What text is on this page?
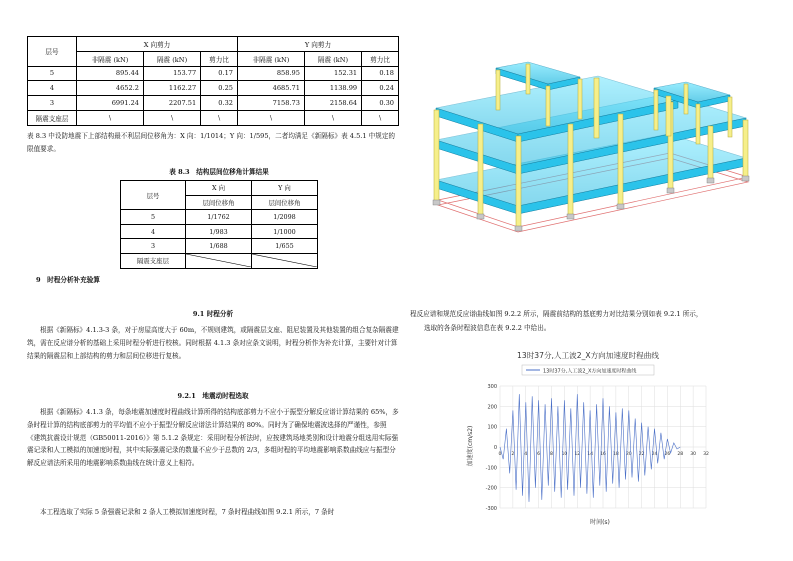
层号	X 向剪力			Y 向剪力		
	非隔震 (kN)	隔震 (kN)	剪力比	非隔震 (kN)	隔震 (kN)	剪力比
5	895.44	153.77	0.17	858.95	152.31	0.18
4	4652.2	1162.27	0.25	4685.71	1138.99	0.24
3	6991.24	2207.51	0.32	7158.73	2158.64	0.30
隔震支座层	\	\	\	\	\	\

表 8.3 中设防地震下上部结构最不利层间位移角为：X 向：1/1014；Y 向：1/595，二者均满足《新隔标》表 4.5.1 中规定的限值要求。

表 8.3　结构层间位移角计算结果
层号	X 向	Y 向
	层间位移角	层间位移角
5	1/1762	1/2098
4	1/983	1/1000
3	1/688	1/655
隔震支座层	

9　时程分析补充验算
9.1 时程分析

根据《新隔标》4.1.3-3 条，对于房屋高度大于 60m，不规则建筑，或隔震层支座、阻尼装置及其他装置的组合复杂隔震建筑，需在反应谱分析的基础上采用时程分析进行校核。同时根据 4.1.3 条对应条文说明，时程分析作为补充计算，主要针对计算结果的隔震层和上部结构的剪力和层间位移进行复核。

9.2.1　地震动时程选取

根据《新隔标》4.1.3 条，每条地震加速度时程曲线计算所得的结构底部剪力不应小于振型分解反应谱计算结果的 65%，多条时程计算的结构底部剪力的平均值不应小于振型分解反应谱法计算结果的 80%。同时为了确保地震波选择的严谨性，参照《建筑抗震设计规范（GB50011-2016）》第 5.1.2 条规定：采用时程分析法时，应按建筑场地类别和设计地震分组选用实际强震记录和人工模拟的加速度时程，其中实际强震记录的数量不应少于总数的 2/3，多组时程的平均地震影响系数曲线应与振型分解反应谱法所采用的地震影响系数曲线在统计意义上相符。

本工程选取了实际 5 条强震记录和 2 条人工模拟加速度时程，7 条时程曲线如图 9.2.1 所示，7 条时

程反应谱和规范反应谱曲线如图 9.2.2 所示，隔震前结构的基底剪力对比结果分别如表 9.2.1 所示，

选取的各条时程波信息在表 9.2.2 中给出。

13时37分,人工波2_X方向加速度时程曲线
13时37分,人工波2_X方向加速度时程曲线
300
200
100
0
-100
-200
-300
0 2 4 6 8 10 12 14 16 18 20 22 24 26 28 30 32
加速度(cm/s2)
时间(s)
